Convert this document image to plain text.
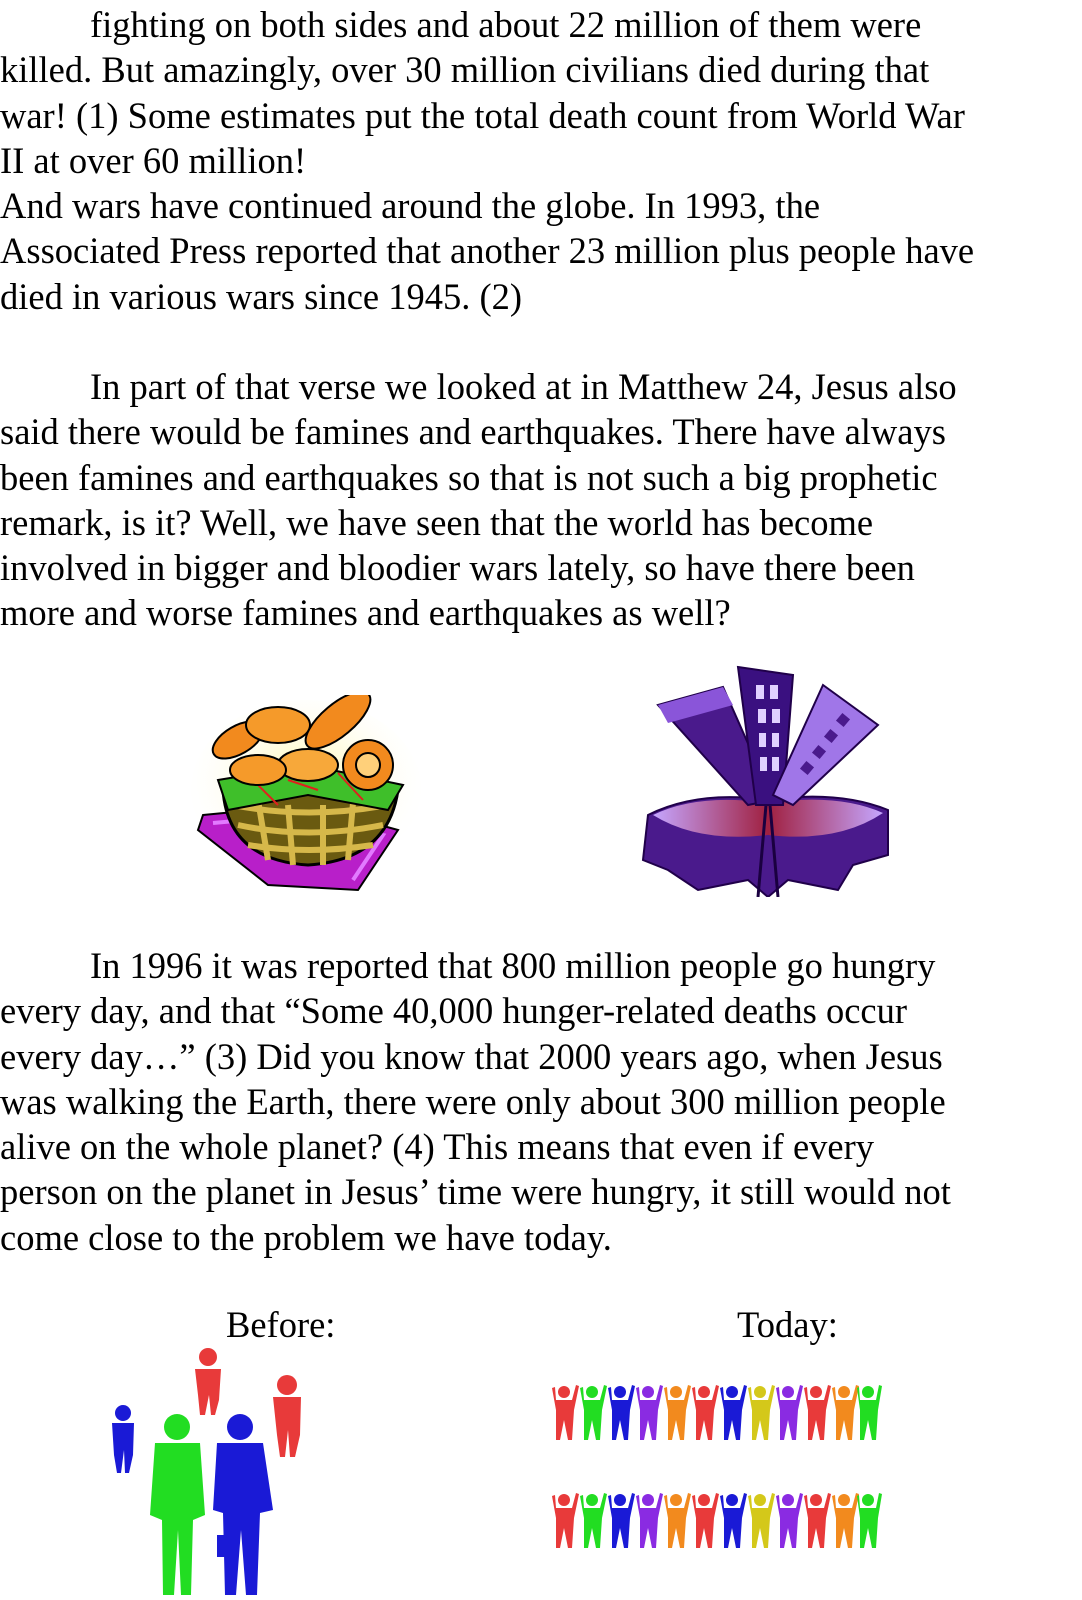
fighting on both sides and about 22 million of them were
killed. But amazingly, over 30 million civilians died during that
war! (1) Some estimates put the total death count from World War
II at over 60 million!
And wars have continued around the globe. In 1993, the
Associated Press reported that another 23 million plus people have
died in various wars since 1945. (2)
In part of that verse we looked at in Matthew 24, Jesus also
said there would be famines and earthquakes. There have always
been famines and earthquakes so that is not such a big prophetic
remark, is it? Well, we have seen that the world has become
involved in bigger and bloodier wars lately, so have there been
more and worse famines and earthquakes as well?
In 1996 it was reported that 800 million people go hungry
every day, and that “Some 40,000 hunger-related deaths occur
every day…” (3) Did you know that 2000 years ago, when Jesus
was walking the Earth, there were only about 300 million people
alive on the whole planet? (4) This means that even if every
person on the planet in Jesus’ time were hungry, it still would not
come close to the problem we have today.
Before:	Today:
